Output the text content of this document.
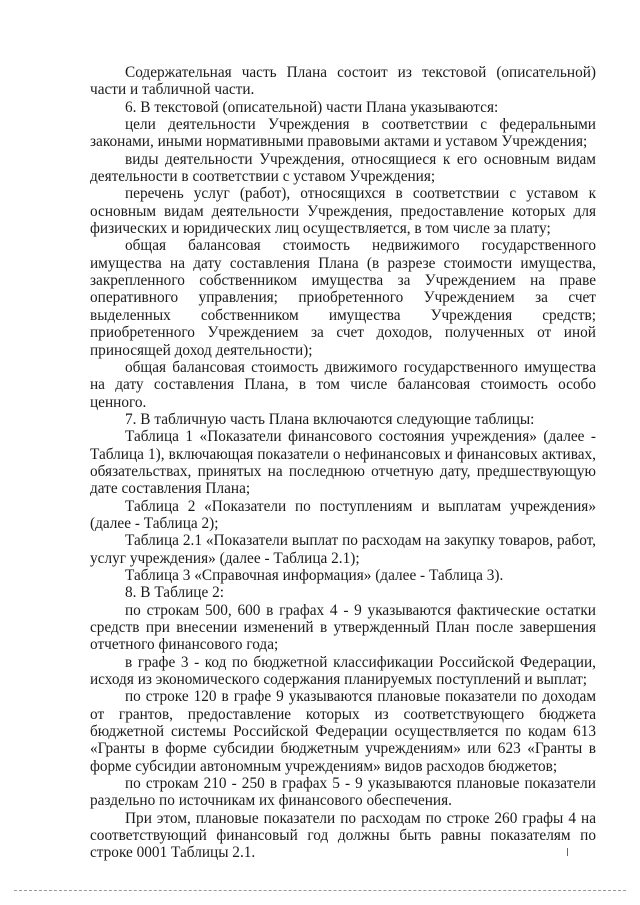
Содержательная часть Плана состоит из текстовой (описательной) части и табличной части.

6. В текстовой (описательной) части Плана указываются:

цели деятельности Учреждения в соответствии с федеральными законами, иными нормативными правовыми актами и уставом Учреждения;

виды деятельности Учреждения, относящиеся к его основным видам деятельности в соответствии с уставом Учреждения;

перечень услуг (работ), относящихся в соответствии с уставом к основным видам деятельности Учреждения, предоставление которых для физических и юридических лиц осуществляется, в том числе за плату;

общая балансовая стоимость недвижимого государственного имущества на дату составления Плана (в разрезе стоимости имущества, закрепленного собственником имущества за Учреждением на праве оперативного управления; приобретенного Учреждением за счет выделенных собственником имущества Учреждения средств; приобретенного Учреждением за счет доходов, полученных от иной приносящей доход деятельности);

общая балансовая стоимость движимого государственного имущества на дату составления Плана, в том числе балансовая стоимость особо ценного.

7. В табличную часть Плана включаются следующие таблицы:

Таблица 1 «Показатели финансового состояния учреждения» (далее - Таблица 1), включающая показатели о нефинансовых и финансовых активах, обязательствах, принятых на последнюю отчетную дату, предшествующую дате составления Плана;

Таблица 2 «Показатели по поступлениям и выплатам учреждения» (далее - Таблица 2);

Таблица 2.1 «Показатели выплат по расходам на закупку товаров, работ, услуг учреждения» (далее - Таблица 2.1);

Таблица 3 «Справочная информация» (далее - Таблица 3).

8. В Таблице 2:

по строкам 500, 600 в графах 4 - 9 указываются фактические остатки средств при внесении изменений в утвержденный План после завершения отчетного финансового года;

в графе 3 - код по бюджетной классификации Российской Федерации, исходя из экономического содержания планируемых поступлений и выплат;

по строке 120 в графе 9 указываются плановые показатели по доходам от грантов, предоставление которых из соответствующего бюджета бюджетной системы Российской Федерации осуществляется по кодам 613 «Гранты в форме субсидии бюджетным учреждениям» или 623 «Гранты в форме субсидии автономным учреждениям» видов расходов бюджетов;

по строкам 210 - 250 в графах 5 - 9 указываются плановые показатели раздельно по источникам их финансового обеспечения.

При этом, плановые показатели по расходам по строке 260 графы 4 на соответствующий финансовый год должны быть равны показателям по строке 0001 Таблицы 2.1.
